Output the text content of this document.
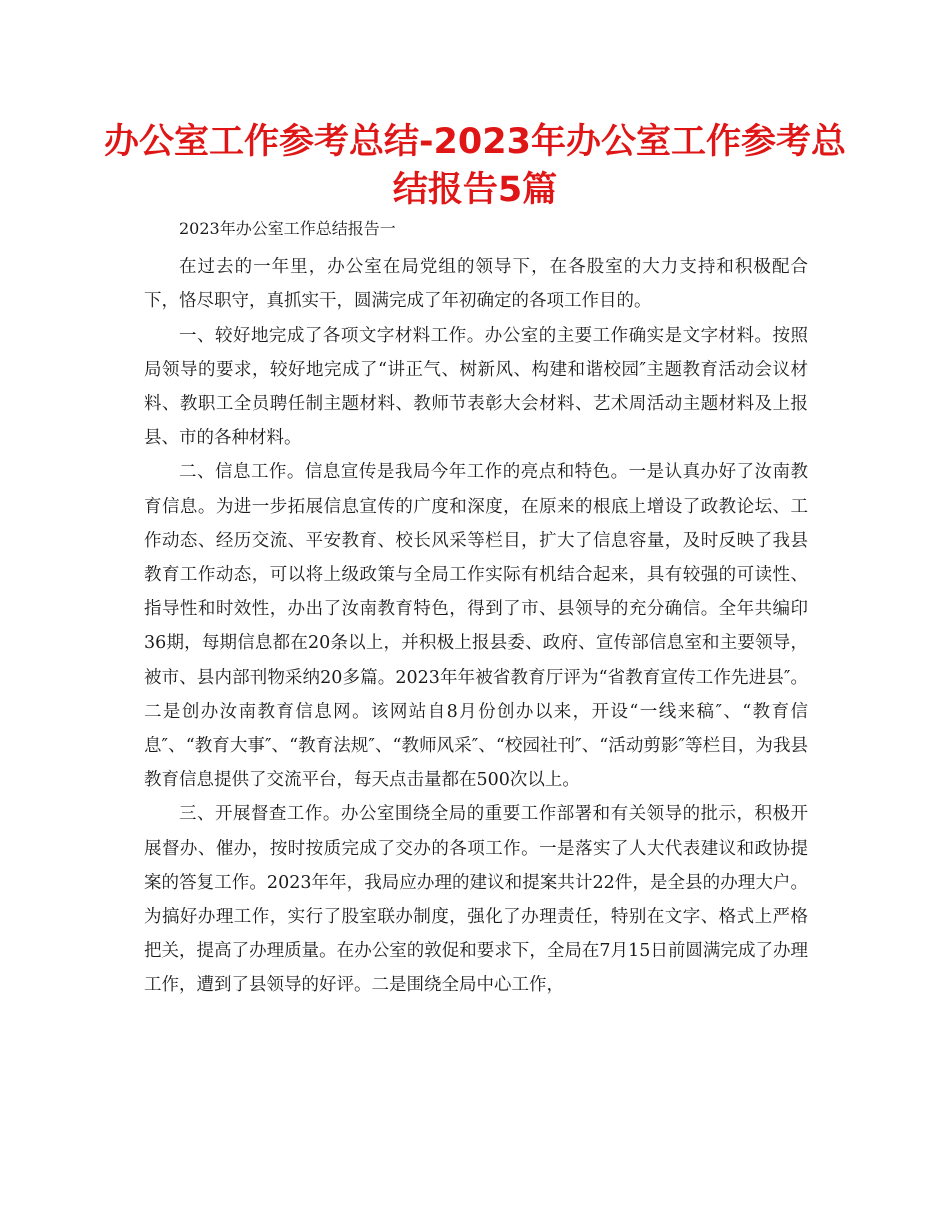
办公室工作参考总结-2023年办公室工作参考总结报告5篇

2023年办公室工作总结报告一

在过去的一年里，办公室在局党组的领导下，在各股室的大力支持和积极配合下，恪尽职守，真抓实干，圆满完成了年初确定的各项工作目的。

一、较好地完成了各项文字材料工作。办公室的主要工作确实是文字材料。按照局领导的要求，较好地完成了“讲正气、树新风、构建和谐校园″主题教育活动会议材料、教职工全员聘任制主题材料、教师节表彰大会材料、艺术周活动主题材料及上报县、市的各种材料。

二、信息工作。信息宣传是我局今年工作的亮点和特色。一是认真办好了汝南教育信息。为进一步拓展信息宣传的广度和深度，在原来的根底上增设了政教论坛、工作动态、经历交流、平安教育、校长风采等栏目，扩大了信息容量，及时反映了我县教育工作动态，可以将上级政策与全局工作实际有机结合起来，具有较强的可读性、指导性和时效性，办出了汝南教育特色，得到了市、县领导的充分确信。全年共编印36期，每期信息都在20条以上，并积极上报县委、政府、宣传部信息室和主要领导，被市、县内部刊物采纳20多篇。2023年年被省教育厅评为“省教育宣传工作先进县″。二是创办汝南教育信息网。该网站自8月份创办以来，开设“一线来稿″、“教育信息″、“教育大事″、“教育法规″、“教师风采″、“校园社刊″、“活动剪影″等栏目，为我县教育信息提供了交流平台，每天点击量都在500次以上。

三、开展督查工作。办公室围绕全局的重要工作部署和有关领导的批示，积极开展督办、催办，按时按质完成了交办的各项工作。一是落实了人大代表建议和政协提案的答复工作。2023年年，我局应办理的建议和提案共计22件，是全县的办理大户。为搞好办理工作，实行了股室联办制度，强化了办理责任，特别在文字、格式上严格把关，提高了办理质量。在办公室的敦促和要求下，全局在7月15日前圆满完成了办理工作，遭到了县领导的好评。二是围绕全局中心工作，
